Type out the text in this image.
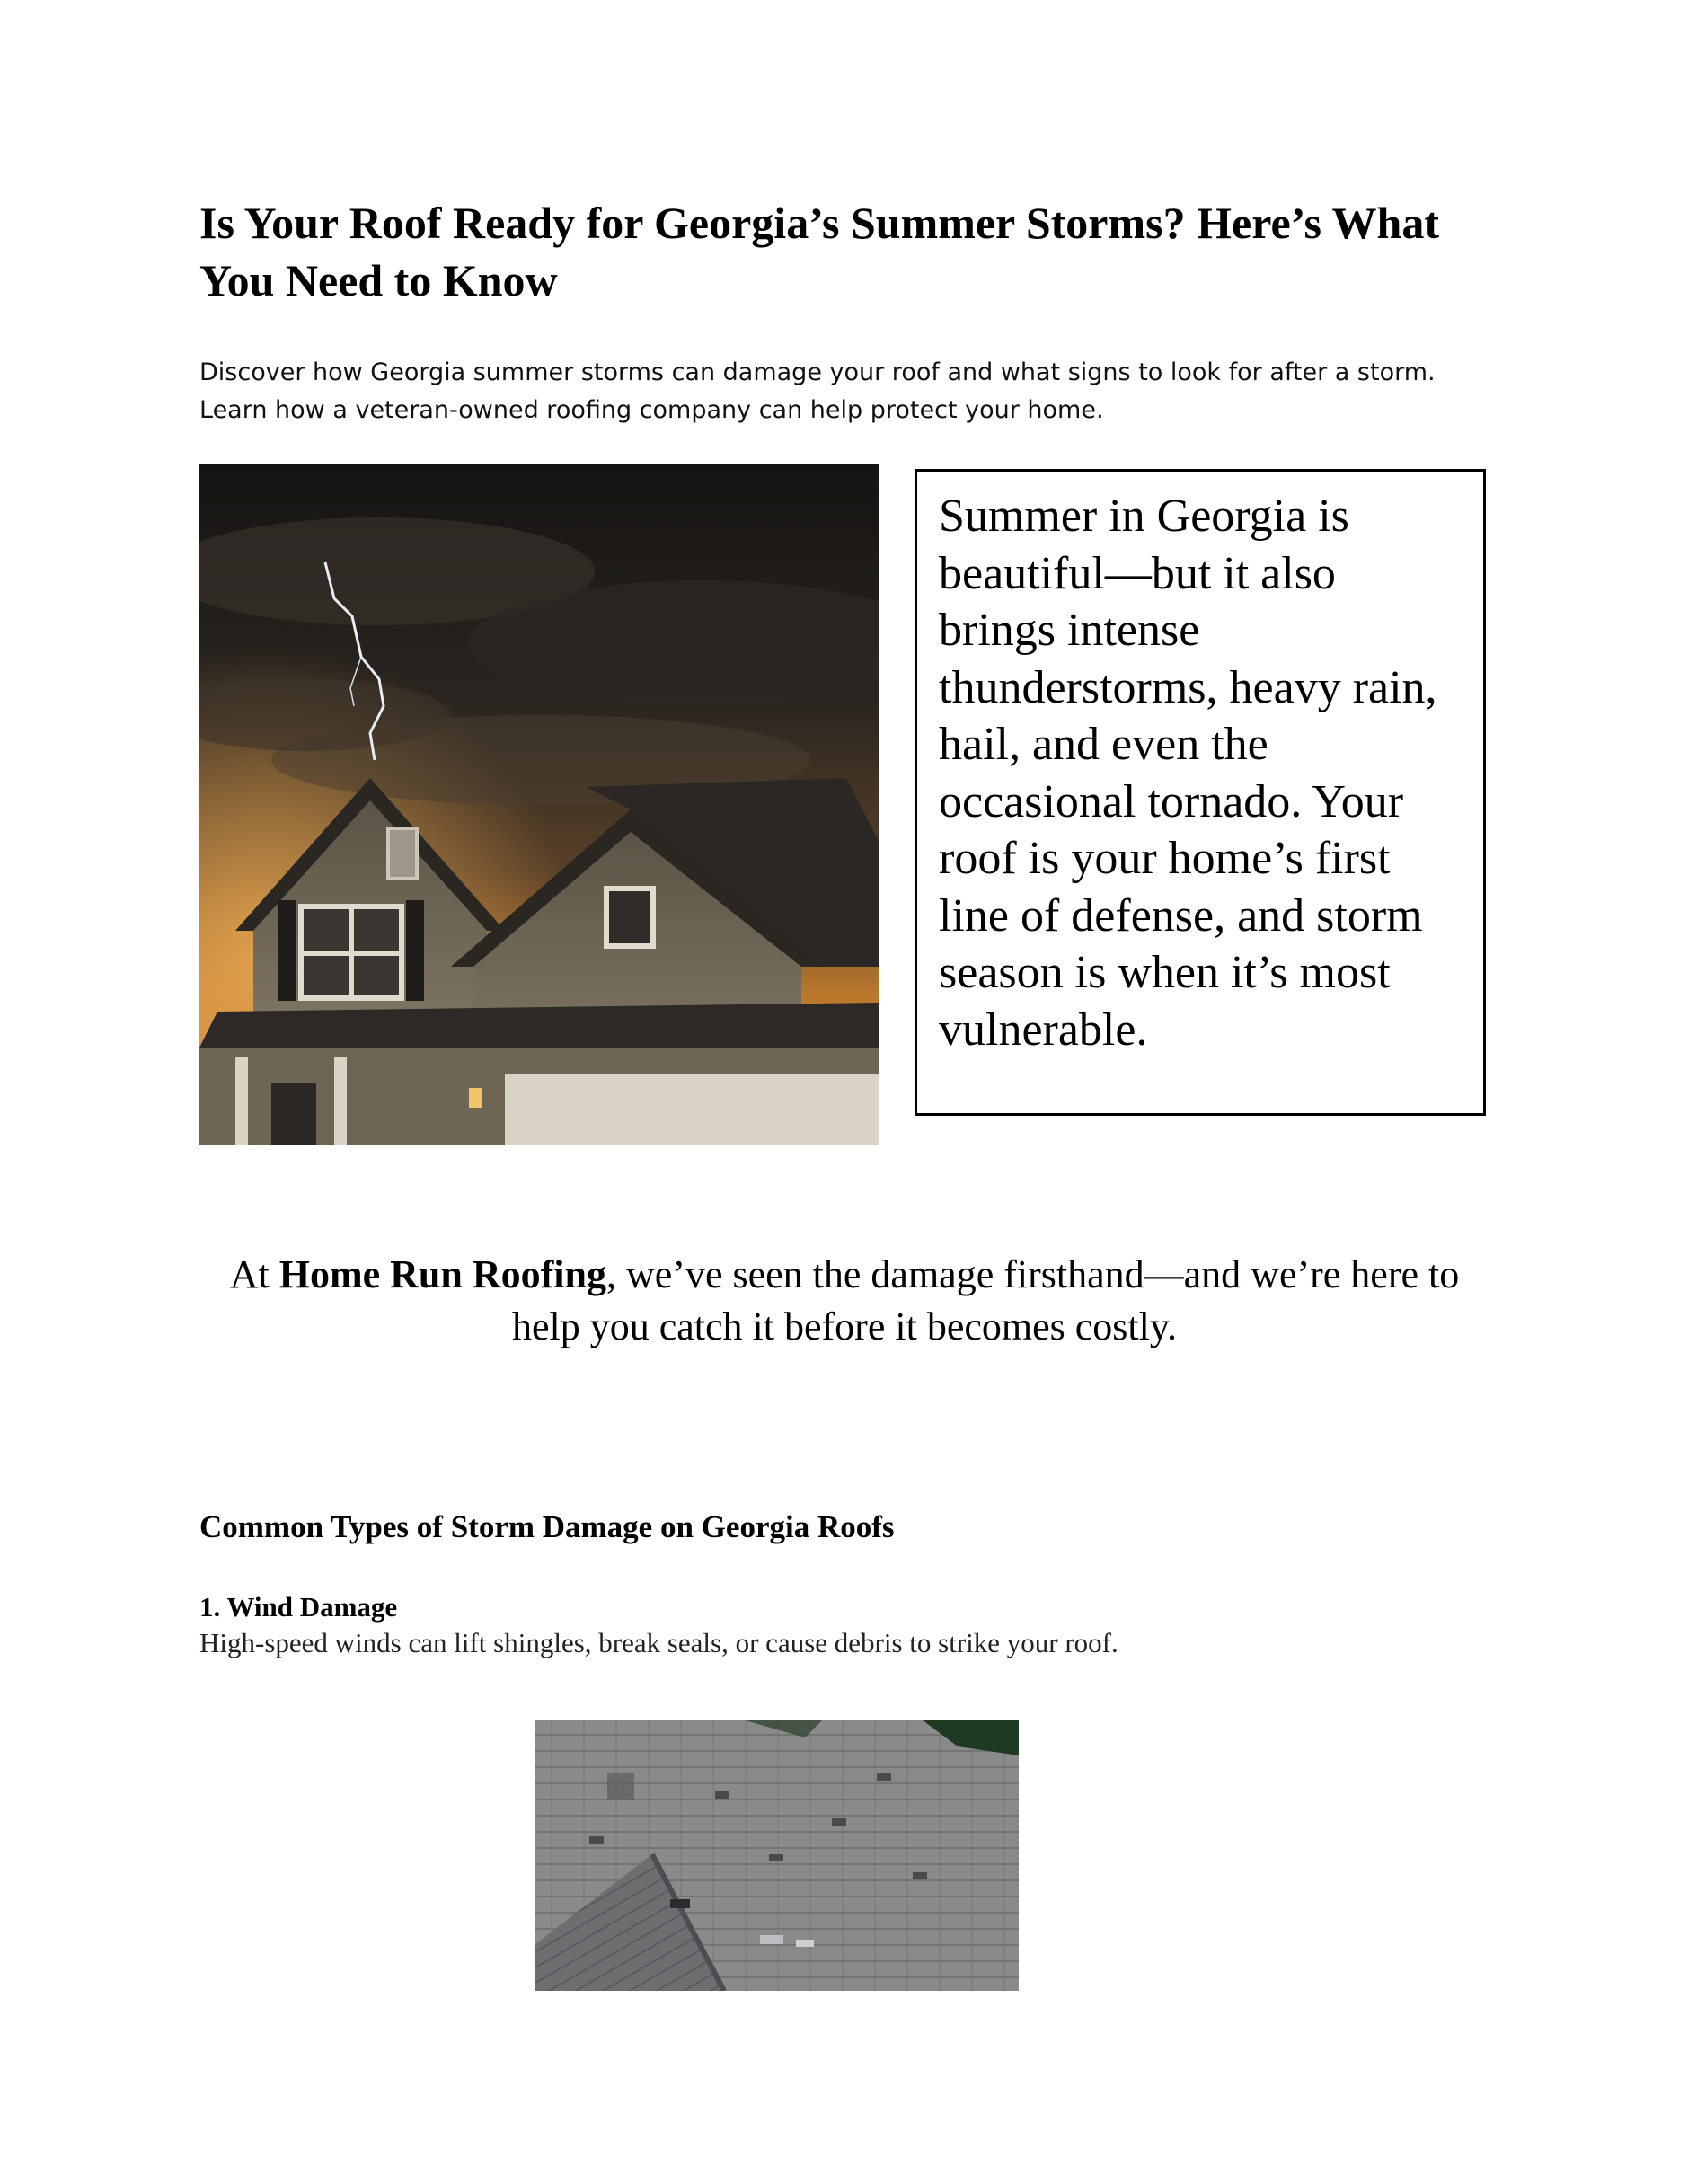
Is Your Roof Ready for Georgia’s Summer Storms? Here’s What You Need to Know

Discover how Georgia summer storms can damage your roof and what signs to look for after a storm. Learn how a veteran-owned roofing company can help protect your home.

Summer in Georgia is beautiful—but it also brings intense thunderstorms, heavy rain, hail, and even the occasional tornado. Your roof is your home’s first line of defense, and storm season is when it’s most vulnerable.

At Home Run Roofing, we’ve seen the damage firsthand—and we’re here to help you catch it before it becomes costly.

Common Types of Storm Damage on Georgia Roofs
1. Wind Damage

High-speed winds can lift shingles, break seals, or cause debris to strike your roof.
